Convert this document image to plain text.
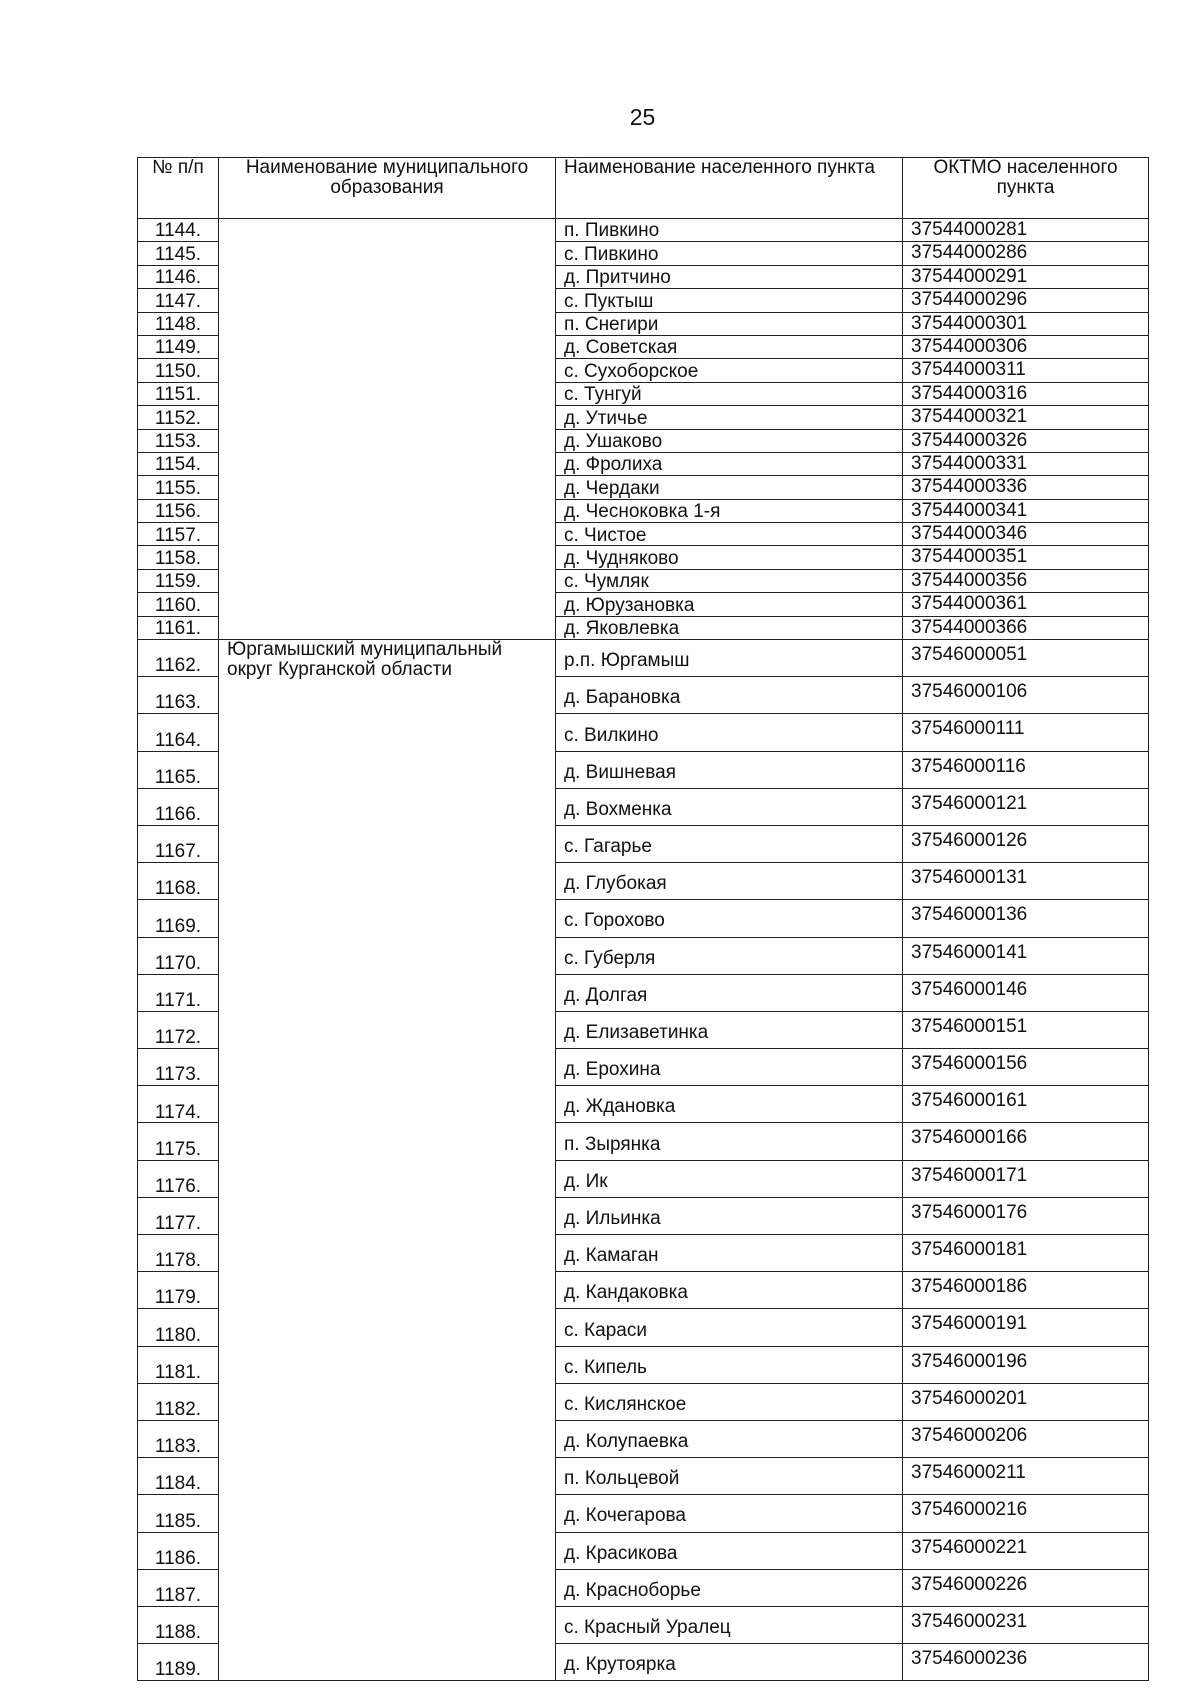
25
№ п/п	Наименование муниципального образования	Наименование населенного пункта	ОКТМО населенного пункта
1144.		п. Пивкино	37544000281
1145.		с. Пивкино	37544000286
1146.		д. Притчино	37544000291
1147.		с. Пуктыш	37544000296
1148.		п. Снегири	37544000301
1149.		д. Советская	37544000306
1150.		с. Сухоборское	37544000311
1151.		с. Тунгуй	37544000316
1152.		д. Утичье	37544000321
1153.		д. Ушаково	37544000326
1154.		д. Фролиха	37544000331
1155.		д. Чердаки	37544000336
1156.		д. Чесноковка 1-я	37544000341
1157.		с. Чистое	37544000346
1158.		д. Чудняково	37544000351
1159.		с. Чумляк	37544000356
1160.		д. Юрузановка	37544000361
1161.		д. Яковлевка	37544000366
1162.	Юргамышский муниципальный округ Курганской области	р.п. Юргамыш	37546000051
1163.		д. Барановка	37546000106
1164.		с. Вилкино	37546000111
1165.		д. Вишневая	37546000116
1166.		д. Вохменка	37546000121
1167.		с. Гагарье	37546000126
1168.		д. Глубокая	37546000131
1169.		с. Горохово	37546000136
1170.		с. Губерля	37546000141
1171.		д. Долгая	37546000146
1172.		д. Елизаветинка	37546000151
1173.		д. Ерохина	37546000156
1174.		д. Ждановка	37546000161
1175.		п. Зырянка	37546000166
1176.		д. Ик	37546000171
1177.		д. Ильинка	37546000176
1178.		д. Камаган	37546000181
1179.		д. Кандаковка	37546000186
1180.		с. Караси	37546000191
1181.		с. Кипель	37546000196
1182.		с. Кислянское	37546000201
1183.		д. Колупаевка	37546000206
1184.		п. Кольцевой	37546000211
1185.		д. Кочегарова	37546000216
1186.		д. Красикова	37546000221
1187.		д. Красноборье	37546000226
1188.		с. Красный Уралец	37546000231
1189.		д. Крутоярка	37546000236
